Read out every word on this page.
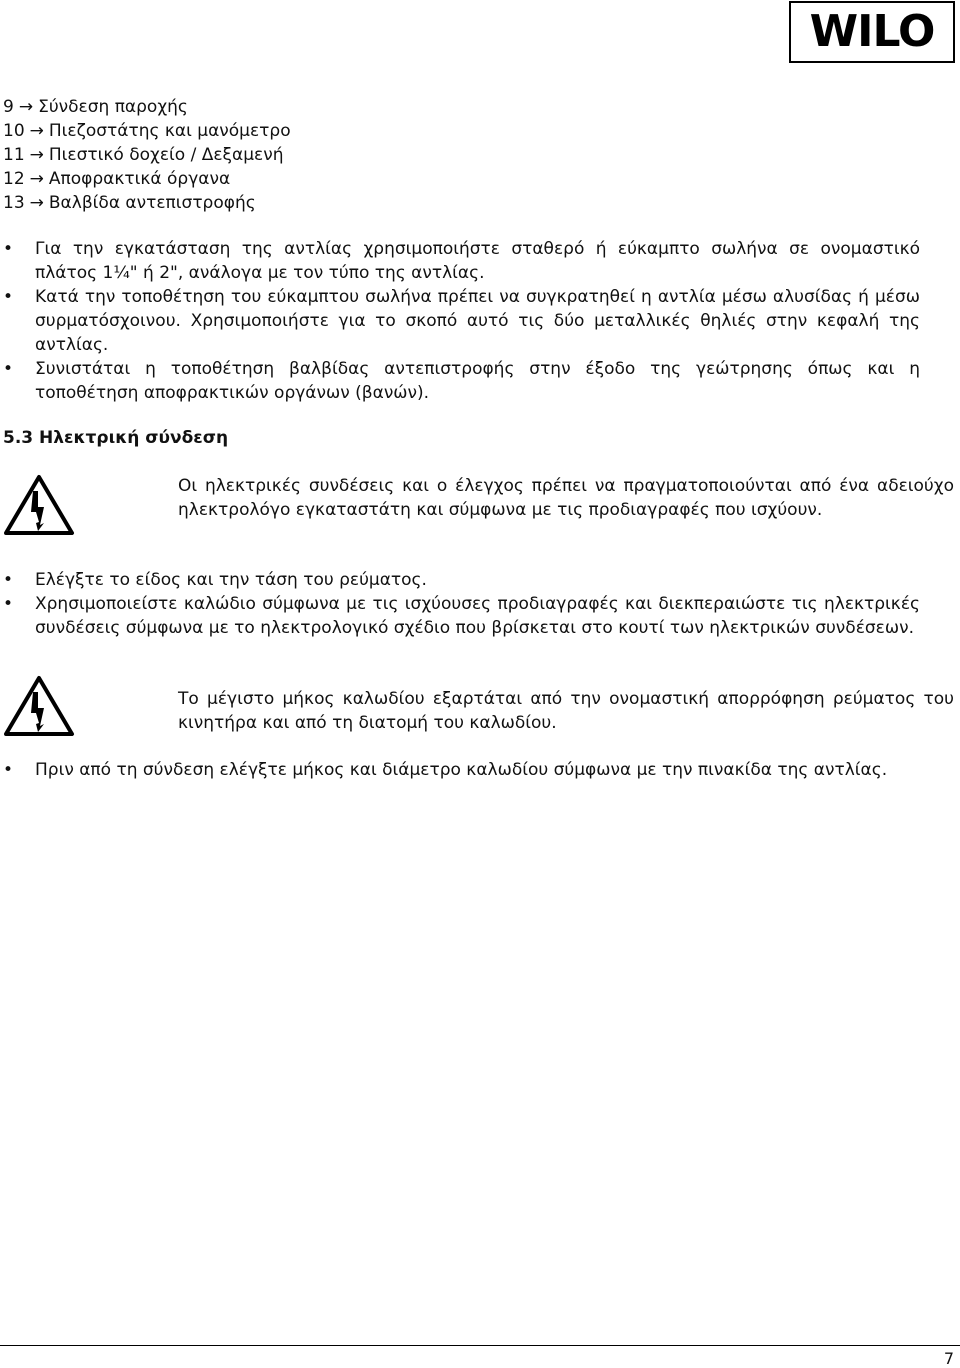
WILO
9 → Σύνδεση παροχής
10 → Πιεζοστάτης και μανόμετρο
11 → Πιεστικό δοχείο / Δεξαμενή
12 → Αποφρακτικά όργανα
13 → Βαλβίδα αντεπιστροφής
• Για την εγκατάσταση της αντλίας χρησιμοποιήστε σταθερό ή εύκαμπτο σωλήνα σε ονομαστικό πλάτος 1¼" ή 2", ανάλογα με τον τύπο της αντλίας.
• Κατά την τοποθέτηση του εύκαμπτου σωλήνα πρέπει να συγκρατηθεί η αντλία μέσω αλυσίδας ή μέσω συρματόσχοινου. Χρησιμοποιήστε για το σκοπό αυτό τις δύο μεταλλικές θηλιές στην κεφαλή της αντλίας.
• Συνιστάται η τοποθέτηση βαλβίδας αντεπιστροφής στην έξοδο της γεώτρησης όπως και η τοποθέτηση αποφρακτικών οργάνων (βανών).
5.3 Ηλεκτρική σύνδεση

Οι ηλεκτρικές συνδέσεις και ο έλεγχος πρέπει να πραγματοποιούνται από ένα αδειούχο ηλεκτρολόγο εγκαταστάτη και σύμφωνα με τις προδιαγραφές που ισχύουν.

• Ελέγξτε το είδος και την τάση του ρεύματος.
• Χρησιμοποιείστε καλώδιο σύμφωνα με τις ισχύουσες προδιαγραφές και διεκπεραιώστε τις ηλεκτρικές συνδέσεις σύμφωνα με το ηλεκτρολογικό σχέδιο που βρίσκεται στο κουτί των ηλεκτρικών συνδέσεων.

Το μέγιστο μήκος καλωδίου εξαρτάται από την ονομαστική απορρόφηση ρεύματος του κινητήρα και από τη διατομή του καλωδίου.

• Πριν από τη σύνδεση ελέγξτε μήκος και διάμετρο καλωδίου σύμφωνα με την πινακίδα της αντλίας.
7
